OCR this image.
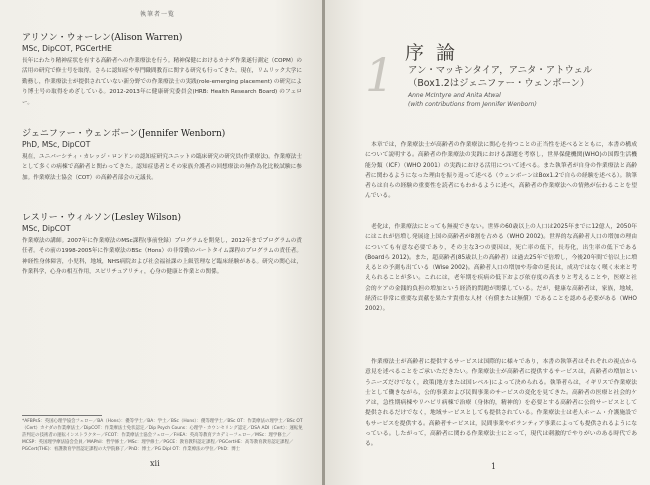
執筆者一覧
アリソン・ウォーレン(Alison Warren)
MSc, DipCOT, PGCertHE
長年にわたり精神症状を有する高齢者への作業療法を行う。精神保健におけるカナダ作業遂行測定（COPM）の活用の研究で修士号を取得。さらに認知症や専門職間教育に関する研究も行ってきた。現在，リムリック大学に勤務し，作業療法士が提供されていない新分野での作業療法士の実践(role-emerging placement) の研究により博士号の取得をめざしている。2012-2013年に健康研究委員会(HRB: Health Research Board) のフェロー。
ジェニファー・ウェンボーン(Jennifer Wenborn)
PhD, MSc, DipCOT
現在，ユニバーシティ・カレッジ・ロンドンの認知症研究ユニットの臨床研究の研究員(作業療法)。作業療法士として多くの病棟で高齢者と関わってきた。認知症患者とその家族介護者の回想療法の無作為化比較試験に参加。作業療法士協会（COT）の高齢者部会の元議長。
レスリー・ウィルソン(Lesley Wilson)
MSc, DipCOT
作業療法の講師。2007年に作業療法のMSc課程(事前登録）プログラムを開発し，2012年までプログラムの責任者。その前の1998-2005年に作業療法のBSc（Hons）の非常勤のパートタイム課程のプログラムの責任者。神経性身体障害，小児科，地域，NHS病院および社会福祉課の上級管理など臨床経験がある。研究の関心は，作業科学，心身の相互作用，スピリチュアリティ，心身の健康と作業との関係。
*AFBPsS：英国心理学協会フェロー／BA（Hons）：優等学士／BA：学士／BSc（Hons）：優等理学士／BSc OT：作業療法の理学士／BSc OT（Cert）カナダの作業療法士／DipCOT：作業療法士免状認定／Dip Psych Couns：心理学・カウンセリング認定／DSA ADI（Cert）：運転免許判定の技術者の運転インストラクター／FCOT：作業療法士協会フェロー／FHEA：英高等教育アカデミーフェロー／MSc：理学修士／MCSP：英国理学療法協会会員／MAPhil：哲学修士／MSc：理学修士／PGCE：教育教科認定課程／PGCertHE：高等教育教育認定課程／PGCert(THE)：看護教育学習認定課程の大学院修了／PhD：博士／PG Dipl OT：作業療法の学位／PhD：博士
xii
1 序 論
アン・マッキンタイア，アニタ・アトウェル（Box1.2はジェニファー・ウェンボーン）
Anne McIntyre and Anita Atwal
(with contributions from Jennifer Wenborn)
本章では，作業療法士が高齢者の作業療法に関心を持つことの正当性を述べるとともに，本書の構成について説明する。高齢者の作業療法の実践における課題を考察し，世界保健機関(WHO)の国際生活機能分類（ICF）（WHO 2001）の実践における活用について述べる。また執筆者が自身の作業療法と高齢者に関わるようになった理由を振り返って述べる（ウェンボーンはBox1.2で自らの経験を述べる）。執筆者らは自らの経験の重要性を読者にもわかるように述べ，高齢者の作業療法への情熱が伝わることを望んでいる。
老化は，作業療法にとっても無視できない。世界の60歳以上の人口は2025年までに12億人，2050年にはこれが倍増し発展途上国の高齢者が8割を占める（WHO 2002)。世界的な高齢者人口の増加の理由についても有意な必要であり，その主な3つの要因は，死亡率の低下，長寿化，出生率の低下である(Boardら 2012)。また，超高齢者(85歳以上の高齢者）は過去25年で倍増し，今後20年間で倍以上に増えるとの予測も出ている（Wise 2002)。高齢者人口の増加や寿命の延長は，成功ではなく嘆く未来と考えられることが多い。これには，老年期を疾病の低下および依存度の高まりと考えることや，医療と社会的ケアの金銭的負担の増加という経済的問題が関係している。だが，健康な高齢者は，家族，地域，経済に非常に重要な貢献を果たす貴重な人材（有償または無償）であることを認める必要がある（WHO 2002）。
作業療法士が高齢者に提供するサービスは国際的に様々であり，本書の執筆者はそれぞれの視点から意見を述べることをご承いただきたい。作業療法士が高齢者に提供するサービスは，高齢者の増加というニーズだけでなく，政策(地方または国レベル)によって決められる。執筆者らは，イギリスで作業療法士として働きながら，公的事業および民間事業のサービスの変化を見てきた。高齢者の医療と社会的ケアは，急性期病棟やリハビリ病棟で治療（身体的，精神的）を必要とする高齢者に公的サービスとして提供されるだけでなく，地域サービスとしても提供されている。作業療法士は老人ホーム・介護施設でもサービスを提供する。高齢者サービスは，民間事業やボランティア事業によっても提供されるようになっている。したがって，高齢者に関わる作業療法士にとって，現代は刺激的でやりがいのある時代である。
1
